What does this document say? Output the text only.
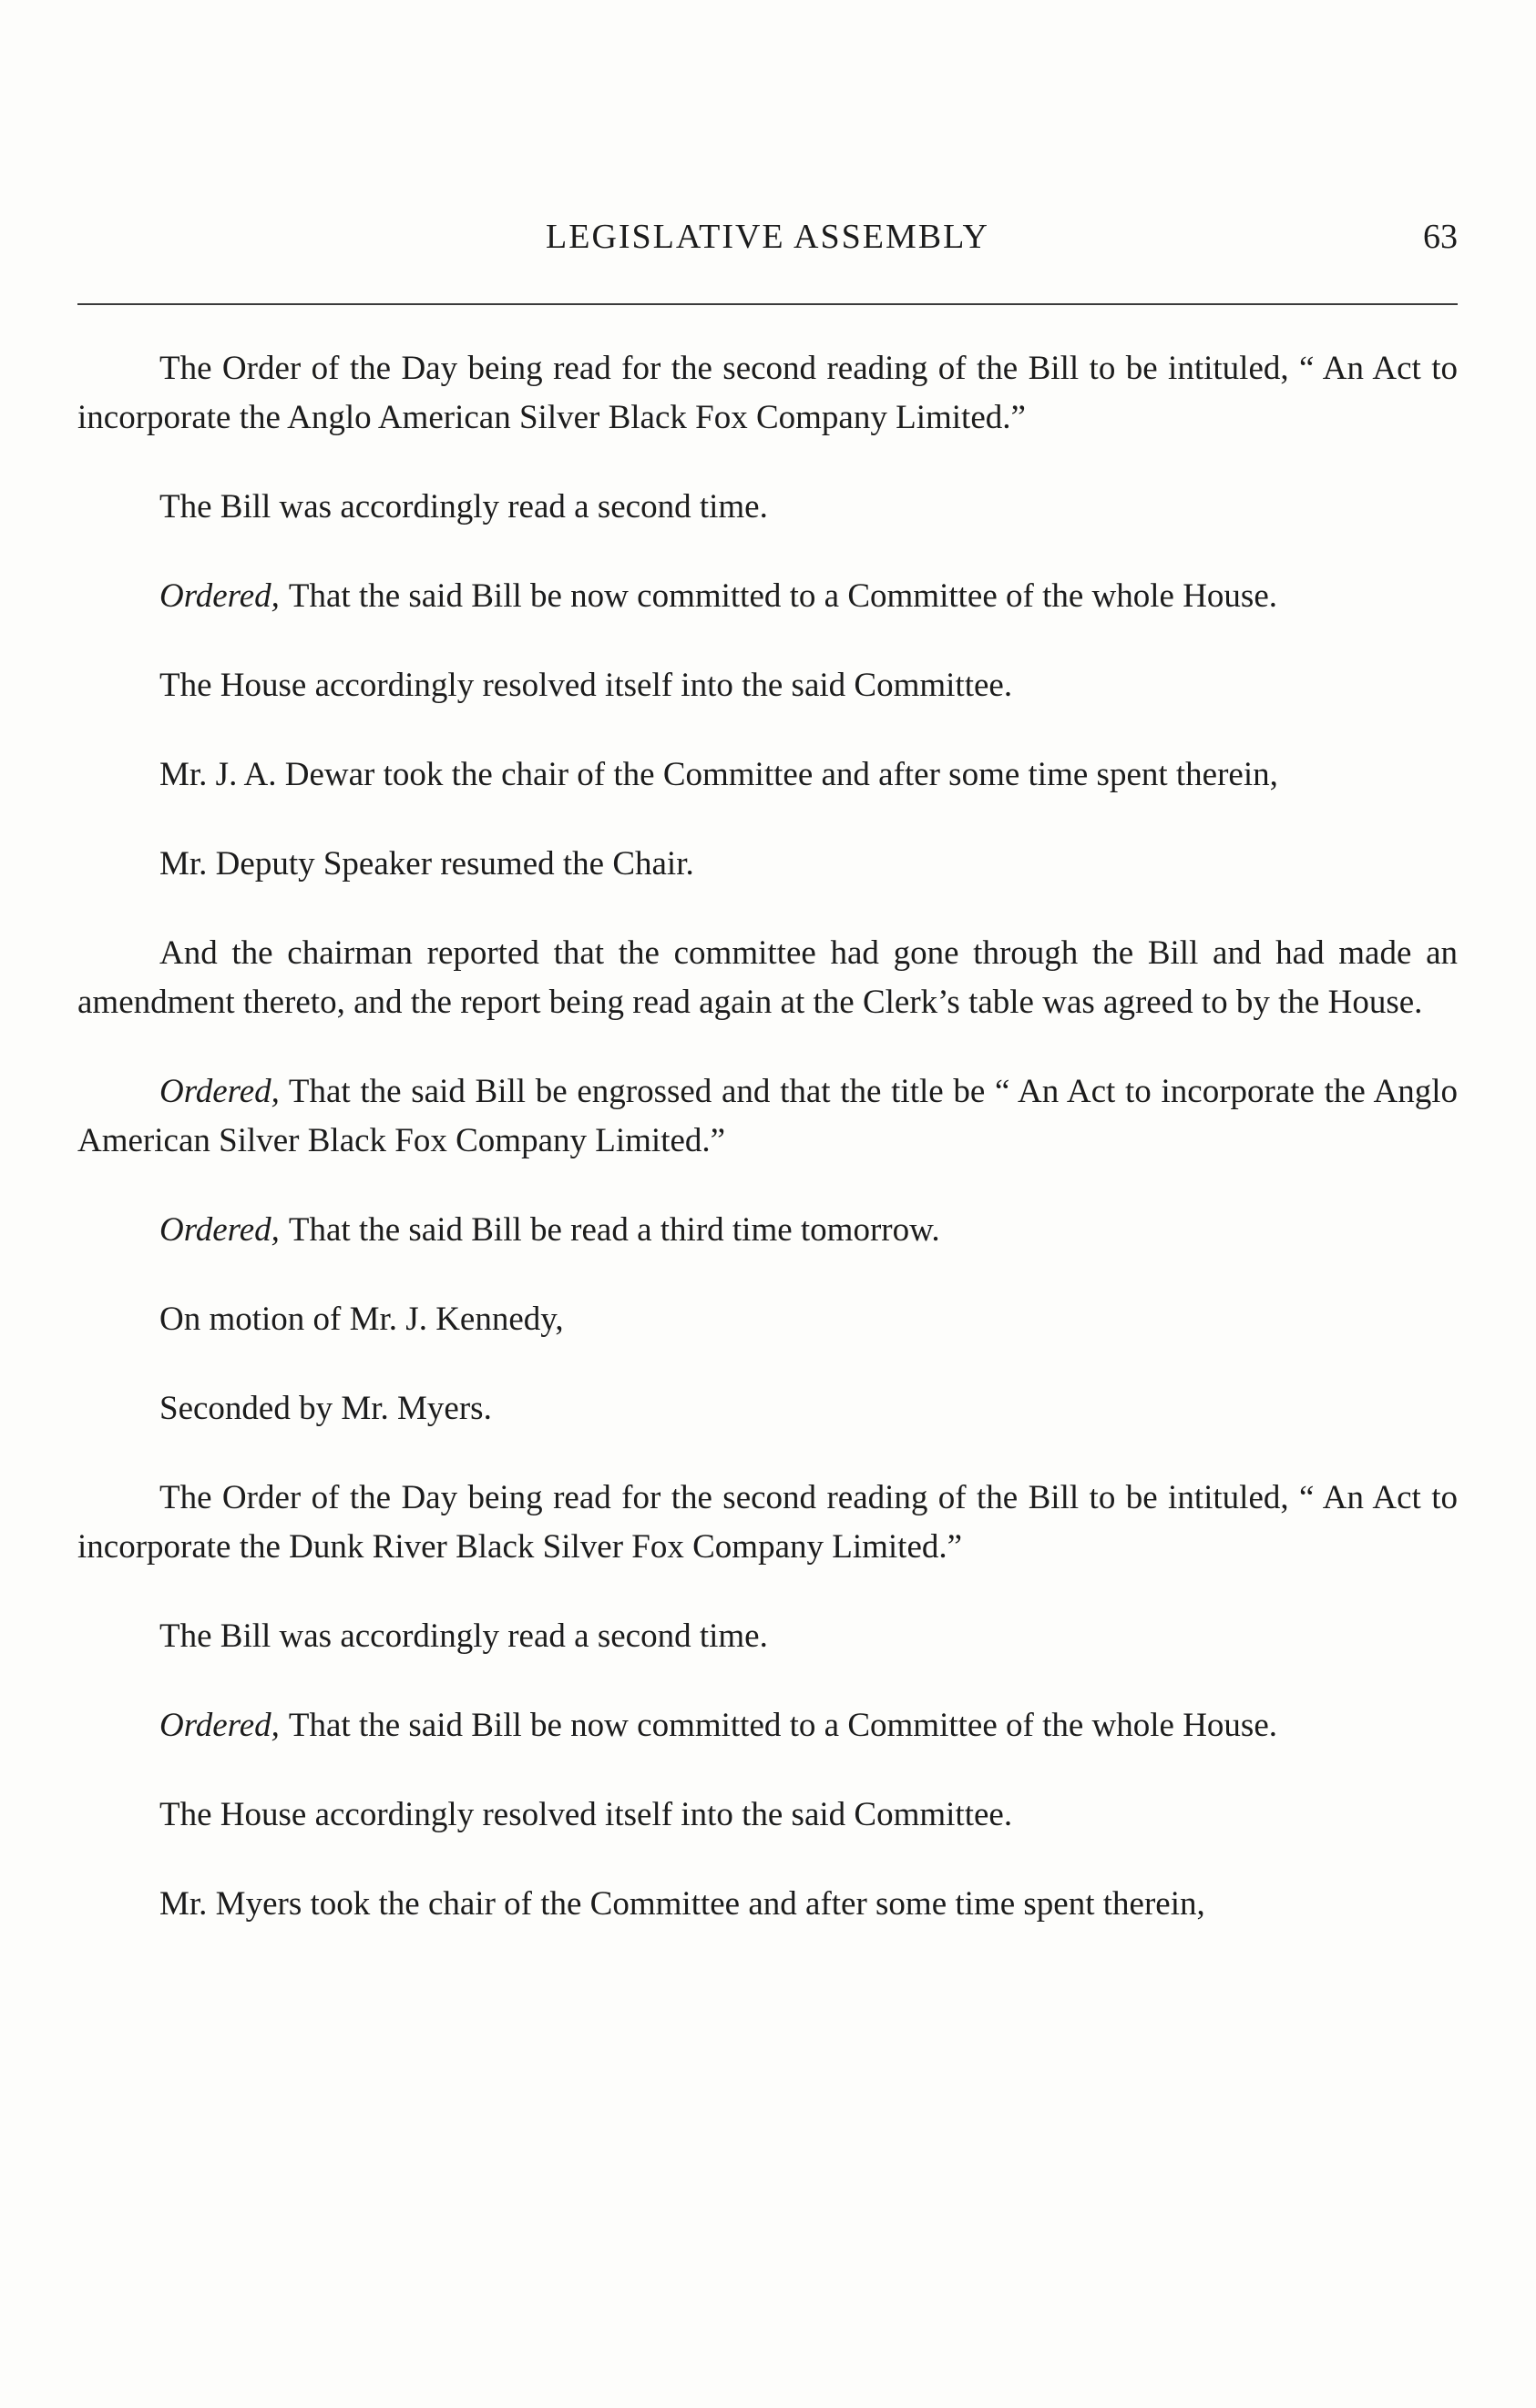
LEGISLATIVE ASSEMBLY	63

The Order of the Day being read for the second reading of the Bill to be intituled, “ An Act to incorporate the Anglo American Silver Black Fox Company Limited.”

The Bill was accordingly read a second time.

Ordered, That the said Bill be now committed to a Committee of the whole House.

The House accordingly resolved itself into the said Committee.

Mr. J. A. Dewar took the chair of the Committee and after some time spent therein,

Mr. Deputy Speaker resumed the Chair.

And the chairman reported that the committee had gone through the Bill and had made an amendment thereto, and the report being read again at the Clerk’s table was agreed to by the House.

Ordered, That the said Bill be engrossed and that the title be “ An Act to incorporate the Anglo American Silver Black Fox Company Limited.”

Ordered, That the said Bill be read a third time tomorrow.

On motion of Mr. J. Kennedy,

Seconded by Mr. Myers.

The Order of the Day being read for the second reading of the Bill to be intituled, “ An Act to incorporate the Dunk River Black Silver Fox Company Limited.”

The Bill was accordingly read a second time.

Ordered, That the said Bill be now committed to a Committee of the whole House.

The House accordingly resolved itself into the said Committee.

Mr. Myers took the chair of the Committee and after some time spent therein,
